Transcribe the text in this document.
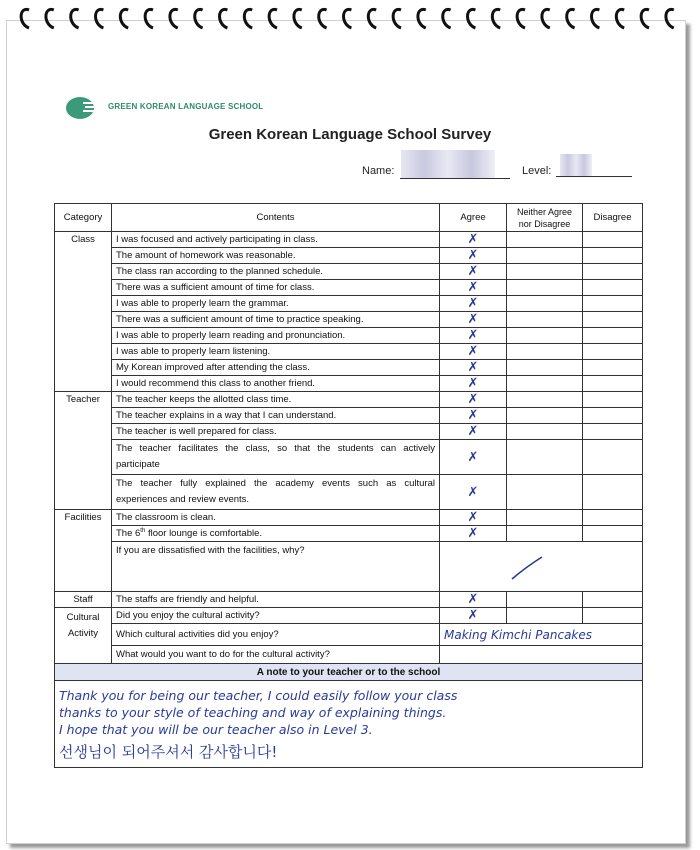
GREEN KOREAN LANGUAGE SCHOOL
Green Korean Language School Survey
Name:	Level:
Category	Contents	Agree	Neither Agree nor Disagree	Disagree
Class	I was focused and actively participating in class.	✗		
	The amount of homework was reasonable.	✗		
	The class ran according to the planned schedule.	✗		
	There was a sufficient amount of time for class.	✗		
	I was able to properly learn the grammar.	✗		
	There was a sufficient amount of time to practice speaking.	✗		
	I was able to properly learn reading and pronunciation.	✗		
	I was able to properly learn listening.	✗		
	My Korean improved after attending the class.	✗		
	I would recommend this class to another friend.	✗		
Teacher	The teacher keeps the allotted class time.	✗		
	The teacher explains in a way that I can understand.	✗		
	The teacher is well prepared for class.	✗		
	The teacher facilitates the class, so that the students can actively participate	✗		
	The teacher fully explained the academy events such as cultural experiences and review events.	✗		
Facilities	The classroom is clean.	✗		
	The 6th floor lounge is comfortable.	✗		
	If you are dissatisfied with the facilities, why?	

Staff	The staffs are friendly and helpful.	✗		
Cultural Activity	Did you enjoy the cultural activity?	✗		
	Which cultural activities did you enjoy?	Making Kimchi Pancakes		
	What would you want to do for the cultural activity?			
A note to your teacher or to the school				

Thank you for being our teacher, I could easily follow your class
thanks to your style of teaching and way of explaining things.
I hope that you will be our teacher also in Level 3.
선생님이 되어주셔서 감사합니다!				
